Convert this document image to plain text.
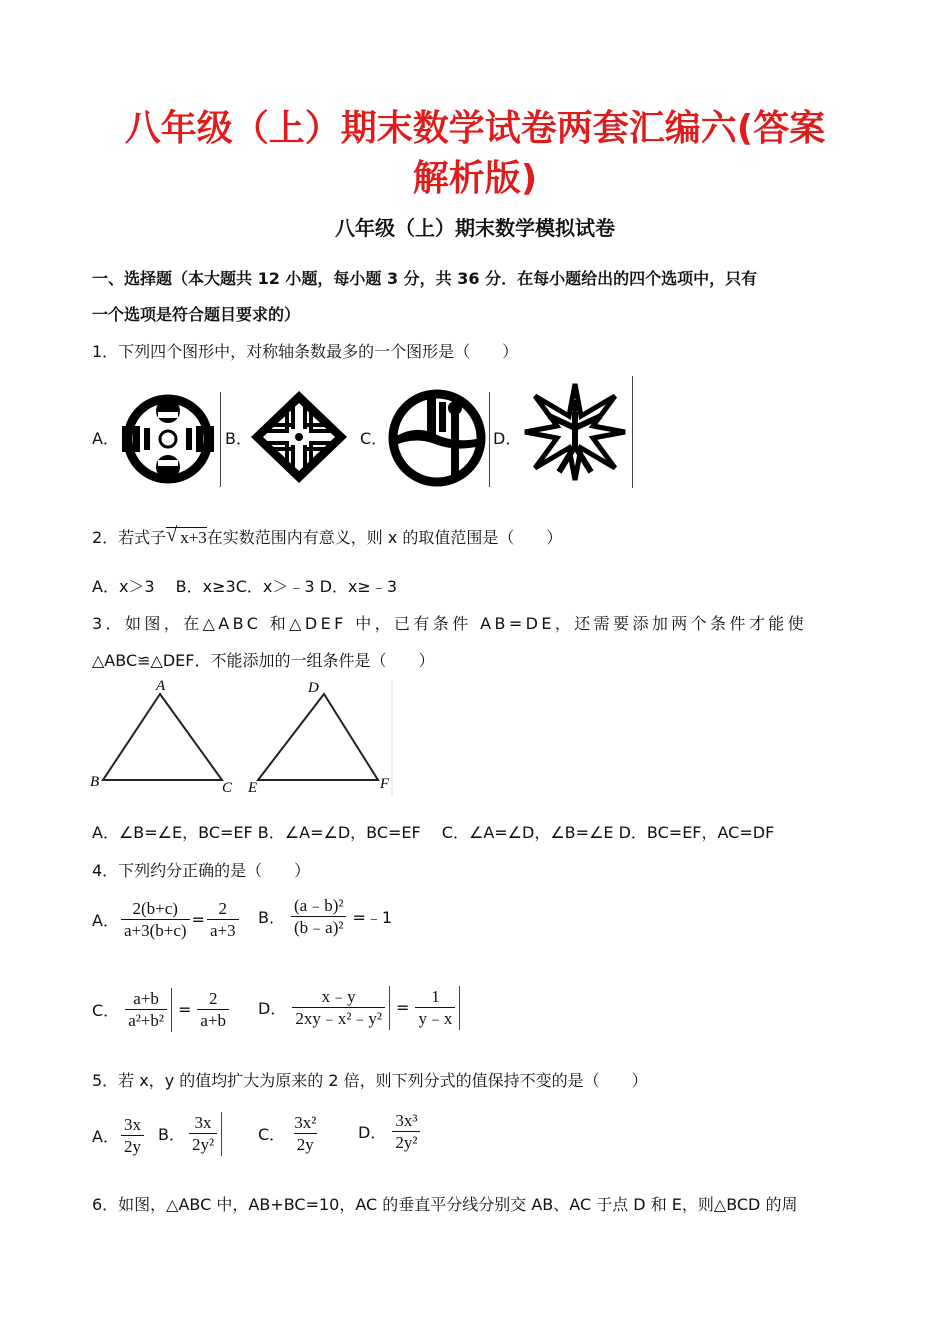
八年级（上）期末数学试卷两套汇编六(答案
解析版)
八年级（上）期末数学模拟试卷
一、选择题（本大题共 12 小题，每小题 3 分，共 36 分．在每小题给出的四个选项中，只有
一个选项是符合题目要求的）
1．下列四个图形中，对称轴条数最多的一个图形是（　　）
A．	B．	C．	D．
2．若式子 √ x+3在实数范围内有意义，则 x 的取值范围是（　　）
A．x＞3　 B．x≥3C．x＞﹣3 D．x≥﹣3
3．如图，在△ABC 和△DEF 中，已有条件 AB=DE，还需要添加两个条件才能使
△ABC≌△DEF．不能添加的一组条件是（　　）
A
B	C
D
E	F
A．∠B=∠E，BC=EF B．∠A=∠D，BC=EF　 C．∠A=∠D，∠B=∠E D．BC=EF，AC=DF
4．下列约分正确的是（　　）
A． $\frac{2(b+c)}{a+3(b+c)} = \frac{2}{a+3}$ B． $\frac{\text{(a﹣b)²}}{\text{(b﹣a)²}}$ =﹣1
C． $\frac{a+b}{\text{a²+b²}} = \frac{2}{a+b}$ D． $\frac{x﹣y}{\text{2xy﹣x²﹣y²}} = \frac{1}{y﹣x}$
5．若 x，y 的值均扩大为原来的 2 倍，则下列分式的值保持不变的是（　　）
A． $\frac{3x}{2y}$ B． $\frac{3x}{\text{2y²}}$ C． $\frac{\text{3x²}}{2y}$ D． $\frac{\text{3x³}}{\text{2y²}}$
6．如图，△ABC 中，AB+BC=10，AC 的垂直平分线分别交 AB、AC 于点 D 和 E，则△BCD 的周
